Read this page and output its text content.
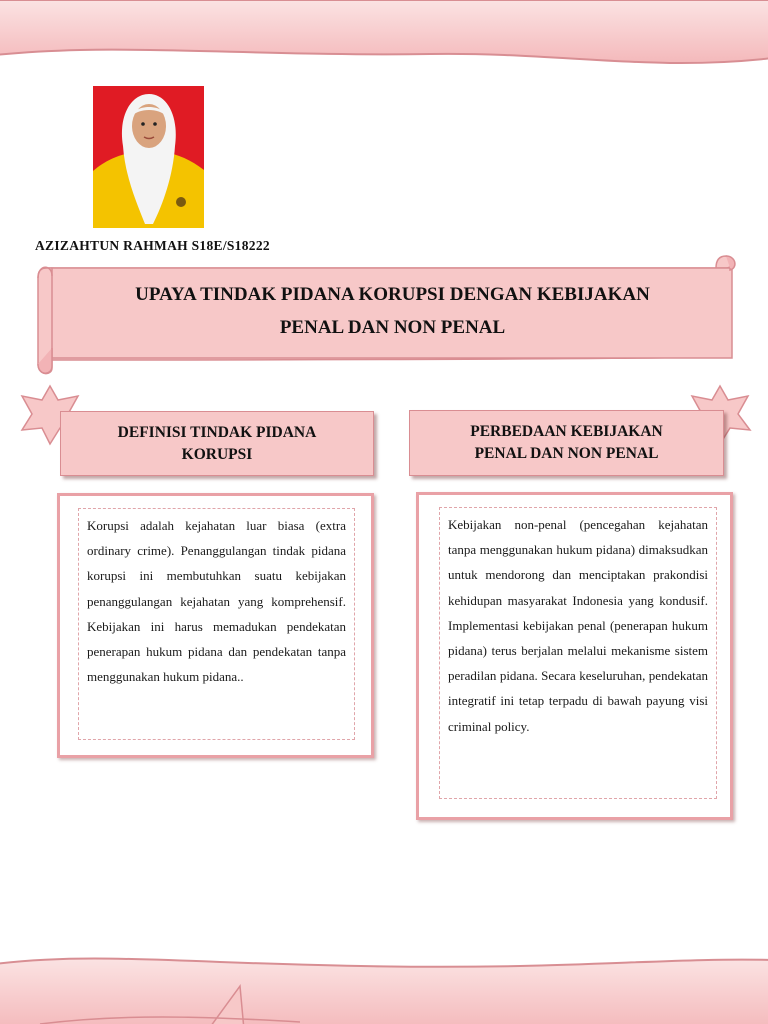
AZIZAHTUN RAHMAH S18E/S18222
UPAYA TINDAK PIDANA KORUPSI DENGAN KEBIJAKAN
PENAL DAN NON PENAL
DEFINISI TINDAK PIDANA
KORUPSI
PERBEDAAN KEBIJAKAN
PENAL DAN NON PENAL
Korupsi adalah kejahatan luar biasa (extra ordinary crime). Penanggulangan tindak pidana korupsi ini membutuhkan suatu kebijakan penanggulangan kejahatan yang komprehensif. Kebijakan ini harus memadukan pendekatan penerapan hukum pidana dan pendekatan tanpa menggunakan hukum pidana..
Kebijakan non-penal (pencegahan kejahatan tanpa menggunakan hukum pidana) dimaksudkan untuk mendorong dan menciptakan prakondisi kehidupan masyarakat Indonesia yang kondusif. Implementasi kebijakan penal (penerapan hukum pidana) terus berjalan melalui mekanisme sistem peradilan pidana. Secara keseluruhan, pendekatan integratif ini tetap terpadu di bawah payung visi criminal policy.
